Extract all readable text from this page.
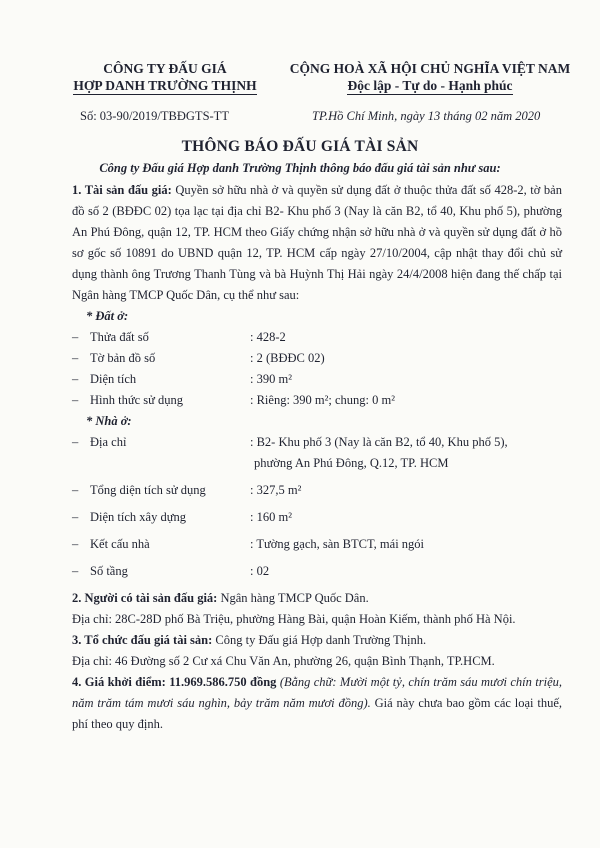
CÔNG TY ĐẤU GIÁ
HỢP DANH TRƯỜNG THỊNH
CỘNG HOÀ XÃ HỘI CHỦ NGHĨA VIỆT NAM
Độc lập - Tự do - Hạnh phúc
Số: 03-90/2019/TBĐGTS-TT	TP.Hồ Chí Minh, ngày 13 tháng 02 năm 2020
THÔNG BÁO ĐẤU GIÁ TÀI SẢN
Công ty Đấu giá Hợp danh Trường Thịnh thông báo đấu giá tài sản như sau:

1. Tài sản đấu giá: Quyền sở hữu nhà ở và quyền sử dụng đất ở thuộc thửa đất số 428-2, tờ bản đồ số 2 (BĐĐC 02) tọa lạc tại địa chỉ B2- Khu phố 3 (Nay là căn B2, tổ 40, Khu phố 5), phường An Phú Đông, quận 12, TP. HCM theo Giấy chứng nhận sở hữu nhà ở và quyền sử dụng đất ở hồ sơ gốc số 10891 do UBND quận 12, TP. HCM cấp ngày 27/10/2004, cập nhật thay đổi chủ sử dụng thành ông Trương Thanh Tùng và bà Huỳnh Thị Hải ngày 24/4/2008 hiện đang thế chấp tại Ngân hàng TMCP Quốc Dân, cụ thể như sau:

* Đất ở:
– Thửa đất số	: 428-2
– Tờ bản đồ số	: 2 (BĐĐC 02)
– Diện tích	: 390 m²
– Hình thức sử dụng	: Riêng: 390 m²; chung: 0 m²
* Nhà ở:
– Địa chỉ	: B2- Khu phố 3 (Nay là căn B2, tổ 40, Khu phố 5),
phường An Phú Đông, Q.12, TP. HCM
– Tổng diện tích sử dụng	: 327,5 m²
– Diện tích xây dựng	: 160 m²
– Kết cấu nhà	: Tường gạch, sàn BTCT, mái ngói
– Số tầng	: 02

2. Người có tài sản đấu giá: Ngân hàng TMCP Quốc Dân.

Địa chỉ: 28C-28D phố Bà Triệu, phường Hàng Bài, quận Hoàn Kiếm, thành phố Hà Nội.

3. Tổ chức đấu giá tài sản: Công ty Đấu giá Hợp danh Trường Thịnh.

Địa chỉ: 46 Đường số 2 Cư xá Chu Văn An, phường 26, quận Bình Thạnh, TP.HCM.

4. Giá khởi điểm: 11.969.586.750 đồng (Bằng chữ: Mười một tỷ, chín trăm sáu mươi chín triệu, năm trăm tám mươi sáu nghìn, bảy trăm năm mươi đồng). Giá này chưa bao gồm các loại thuế, phí theo quy định.
